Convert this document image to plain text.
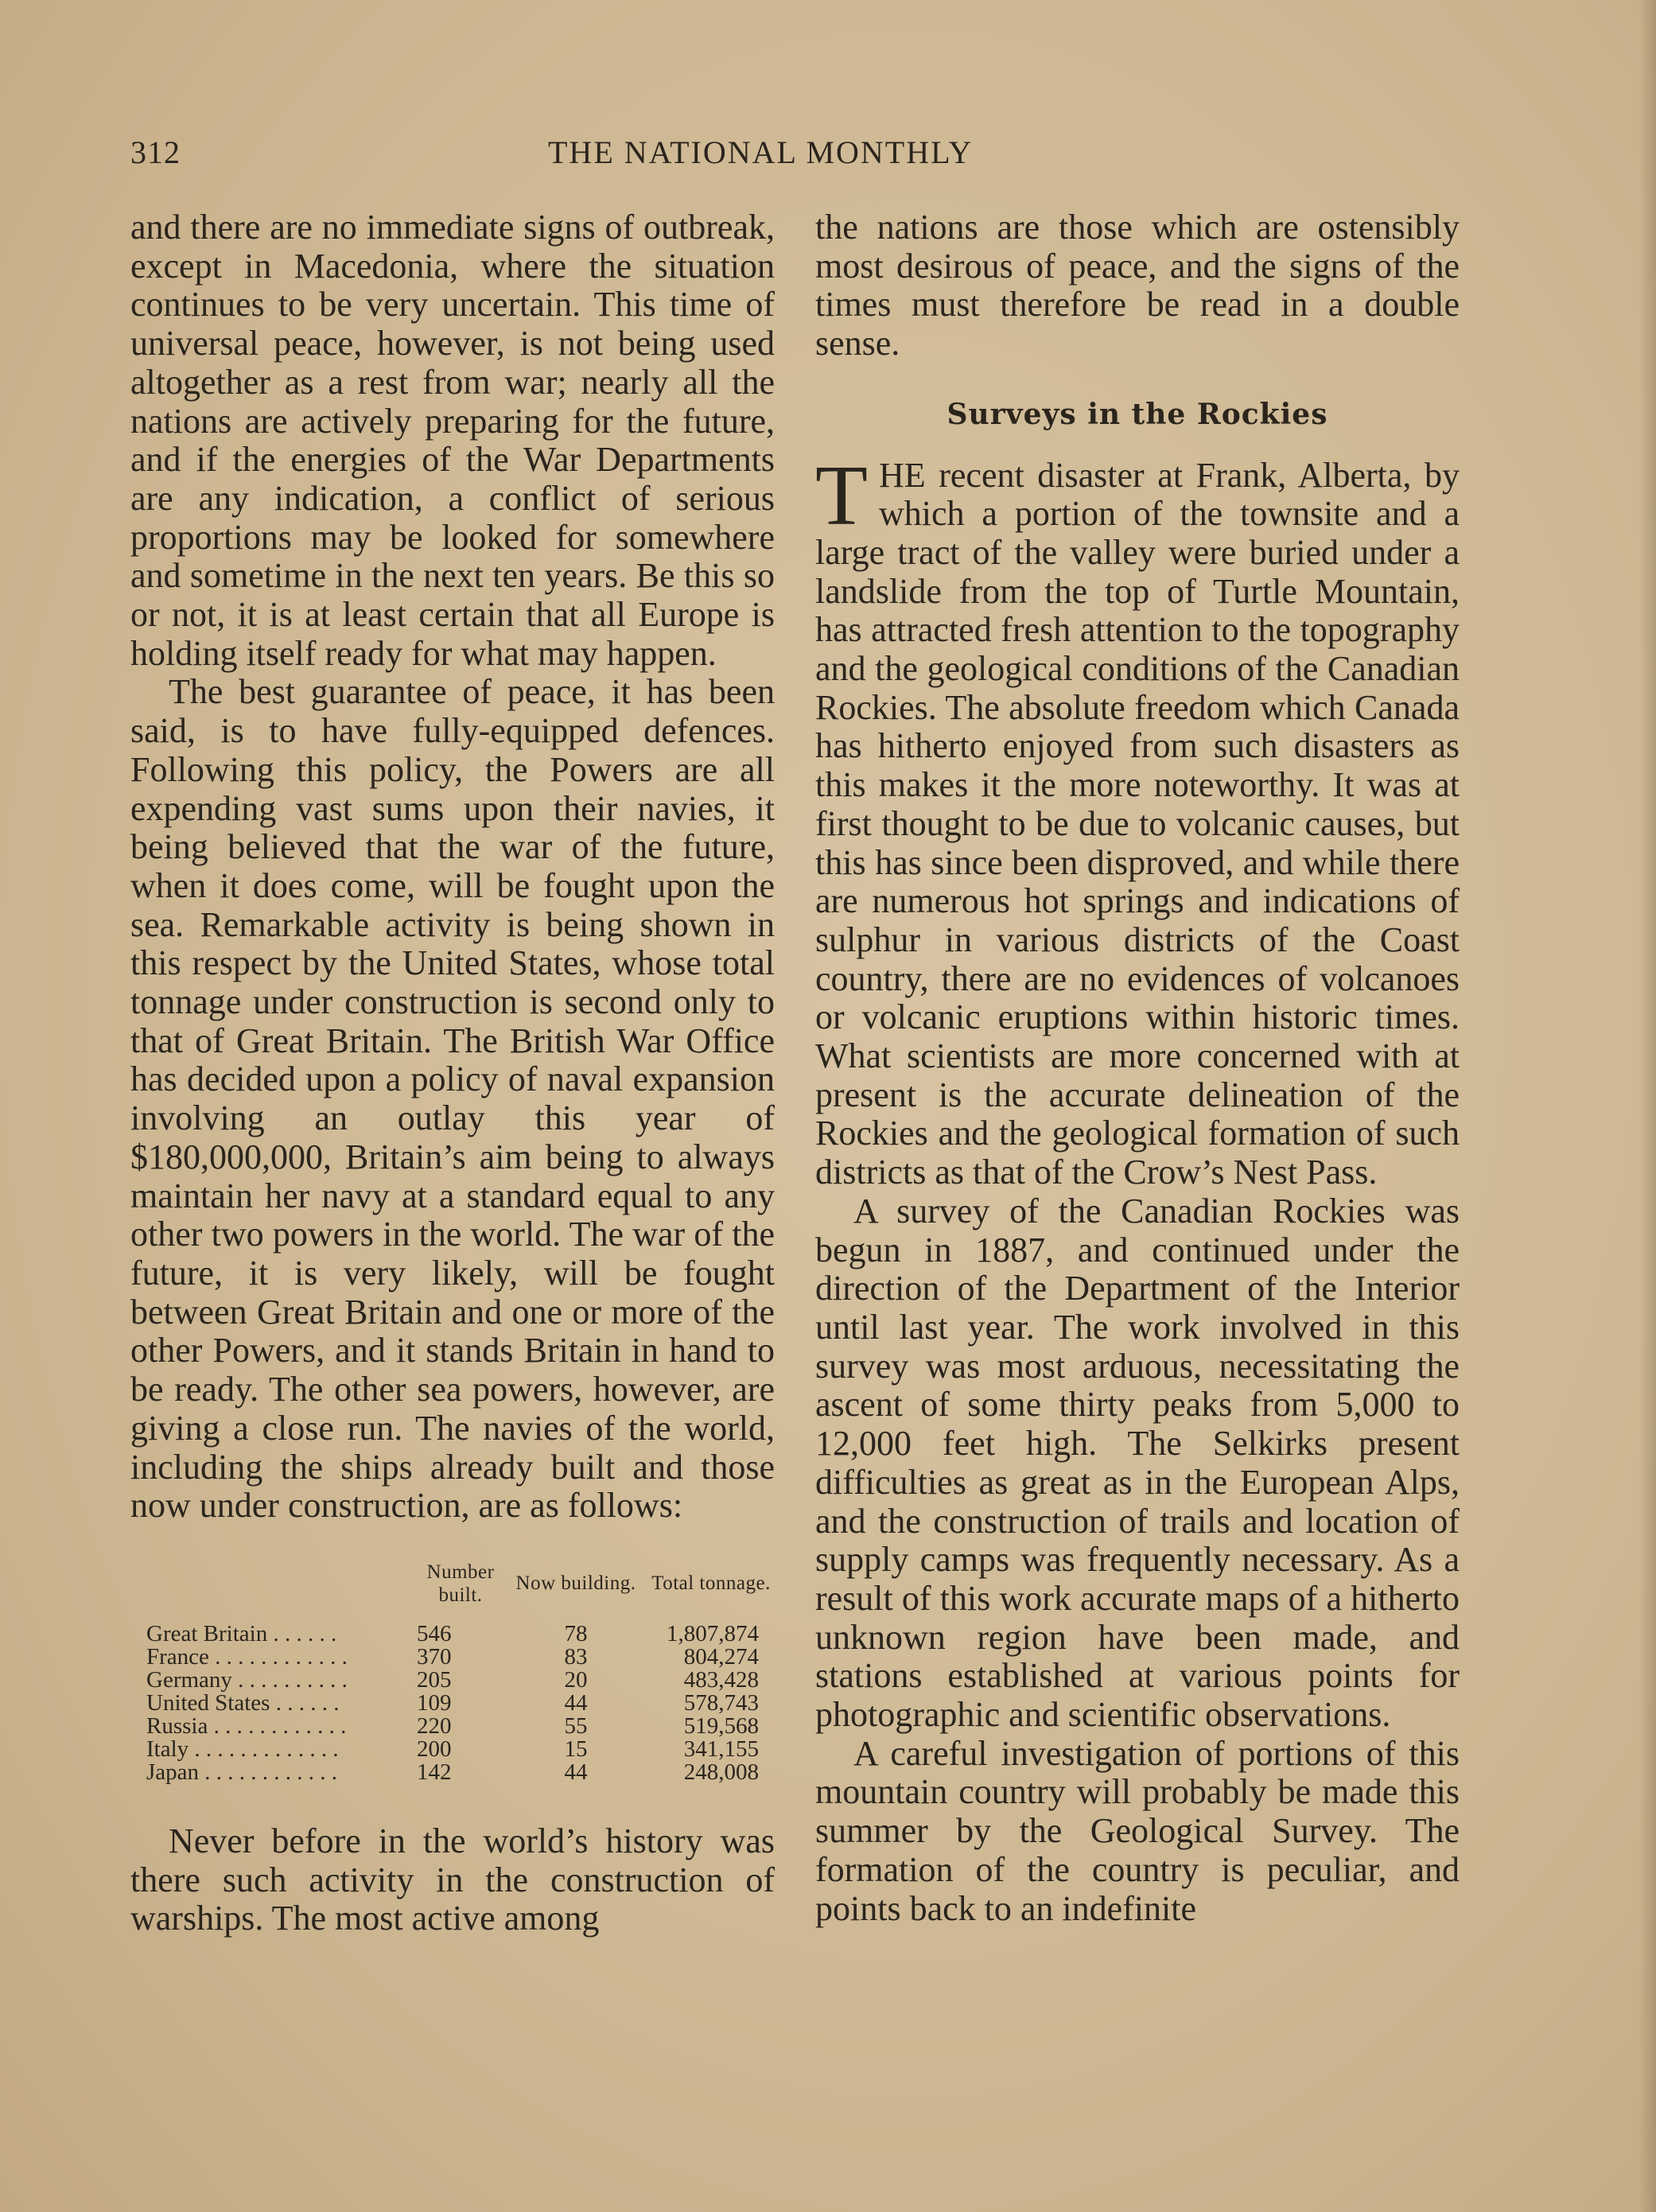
312	THE NATIONAL MONTHLY

and there are no immediate signs of outbreak, except in Macedonia, where the situation continues to be very uncertain. This time of universal peace, however, is not being used altogether as a rest from war; nearly all the nations are actively preparing for the future, and if the energies of the War Departments are any indication, a conflict of serious proportions may be looked for somewhere and sometime in the next ten years. Be this so or not, it is at least certain that all Europe is holding itself ready for what may happen.

The best guarantee of peace, it has been said, is to have fully-equipped defences. Following this policy, the Powers are all expending vast sums upon their navies, it being believed that the war of the future, when it does come, will be fought upon the sea. Remarkable activity is being shown in this respect by the United States, whose total tonnage under construction is second only to that of Great Britain. The British War Office has decided upon a policy of naval expansion involving an outlay this year of $180,000,000, Britain’s aim being to always maintain her navy at a standard equal to any other two powers in the world. The war of the future, it is very likely, will be fought between Great Britain and one or more of the other Powers, and it stands Britain in hand to be ready. The other sea powers, however, are giving a close run. The navies of the world, including the ships already built and those now under construction, are as follows:

	Number built.	Now building.	Total tonnage.
Great Britain . . . . . .	546	78	1,807,874
France . . . . . . . . . . . .	370	83	804,274
Germany . . . . . . . . . .	205	20	483,428
United States . . . . . .	109	44	578,743
Russia . . . . . . . . . . . .	220	55	519,568
Italy . . . . . . . . . . . . .	200	15	341,155
Japan . . . . . . . . . . . .	142	44	248,008

Never before in the world’s history was there such activity in the construction of warships. The most active among

the nations are those which are ostensibly most desirous of peace, and the signs of the times must therefore be read in a double sense.

Surveys in the Rockies

THE recent disaster at Frank, Alberta, by which a portion of the townsite and a large tract of the valley were buried under a landslide from the top of Turtle Mountain, has attracted fresh attention to the topography and the geological conditions of the Canadian Rockies. The absolute freedom which Canada has hitherto enjoyed from such disasters as this makes it the more noteworthy. It was at first thought to be due to volcanic causes, but this has since been disproved, and while there are numerous hot springs and indications of sulphur in various districts of the Coast country, there are no evidences of volcanoes or volcanic eruptions within historic times. What scientists are more concerned with at present is the accurate delineation of the Rockies and the geological formation of such districts as that of the Crow’s Nest Pass.

A survey of the Canadian Rockies was begun in 1887, and continued under the direction of the Department of the Interior until last year. The work involved in this survey was most arduous, necessitating the ascent of some thirty peaks from 5,000 to 12,000 feet high. The Selkirks present difficulties as great as in the European Alps, and the construction of trails and location of supply camps was frequently necessary. As a result of this work accurate maps of a hitherto unknown region have been made, and stations established at various points for photographic and scientific observations.

A careful investigation of portions of this mountain country will probably be made this summer by the Geological Survey. The formation of the country is peculiar, and points back to an indefinite
